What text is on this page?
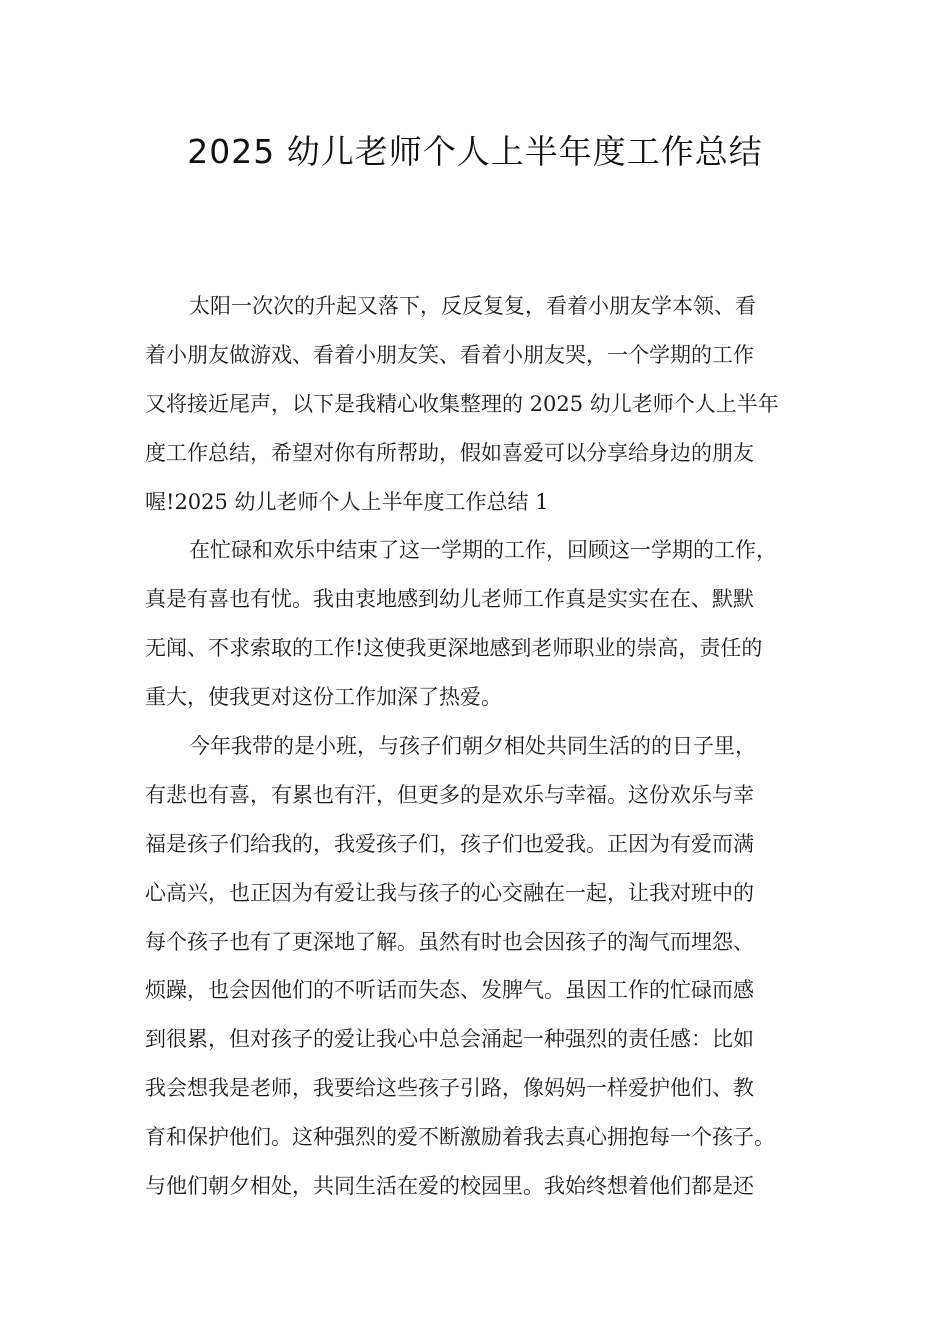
2025 幼儿老师个人上半年度工作总结
太阳一次次的升起又落下，反反复复，看着小朋友学本领、看
着小朋友做游戏、看着小朋友笑、看着小朋友哭，一个学期的工作
又将接近尾声，以下是我精心收集整理的 2025 幼儿老师个人上半年
度工作总结，希望对你有所帮助，假如喜爱可以分享给身边的朋友
喔!2025 幼儿老师个人上半年度工作总结 1
在忙碌和欢乐中结束了这一学期的工作，回顾这一学期的工作，
真是有喜也有忧。我由衷地感到幼儿老师工作真是实实在在、默默
无闻、不求索取的工作!这使我更深地感到老师职业的崇高，责任的
重大，使我更对这份工作加深了热爱。
今年我带的是小班，与孩子们朝夕相处共同生活的的日子里，
有悲也有喜，有累也有汗，但更多的是欢乐与幸福。这份欢乐与幸
福是孩子们给我的，我爱孩子们，孩子们也爱我。正因为有爱而满
心高兴，也正因为有爱让我与孩子的心交融在一起，让我对班中的
每个孩子也有了更深地了解。虽然有时也会因孩子的淘气而埋怨、
烦躁，也会因他们的不听话而失态、发脾气。虽因工作的忙碌而感
到很累，但对孩子的爱让我心中总会涌起一种强烈的责任感：比如
我会想我是老师，我要给这些孩子引路，像妈妈一样爱护他们、教
育和保护他们。这种强烈的爱不断激励着我去真心拥抱每一个孩子。
与他们朝夕相处，共同生活在爱的校园里。我始终想着他们都是还
